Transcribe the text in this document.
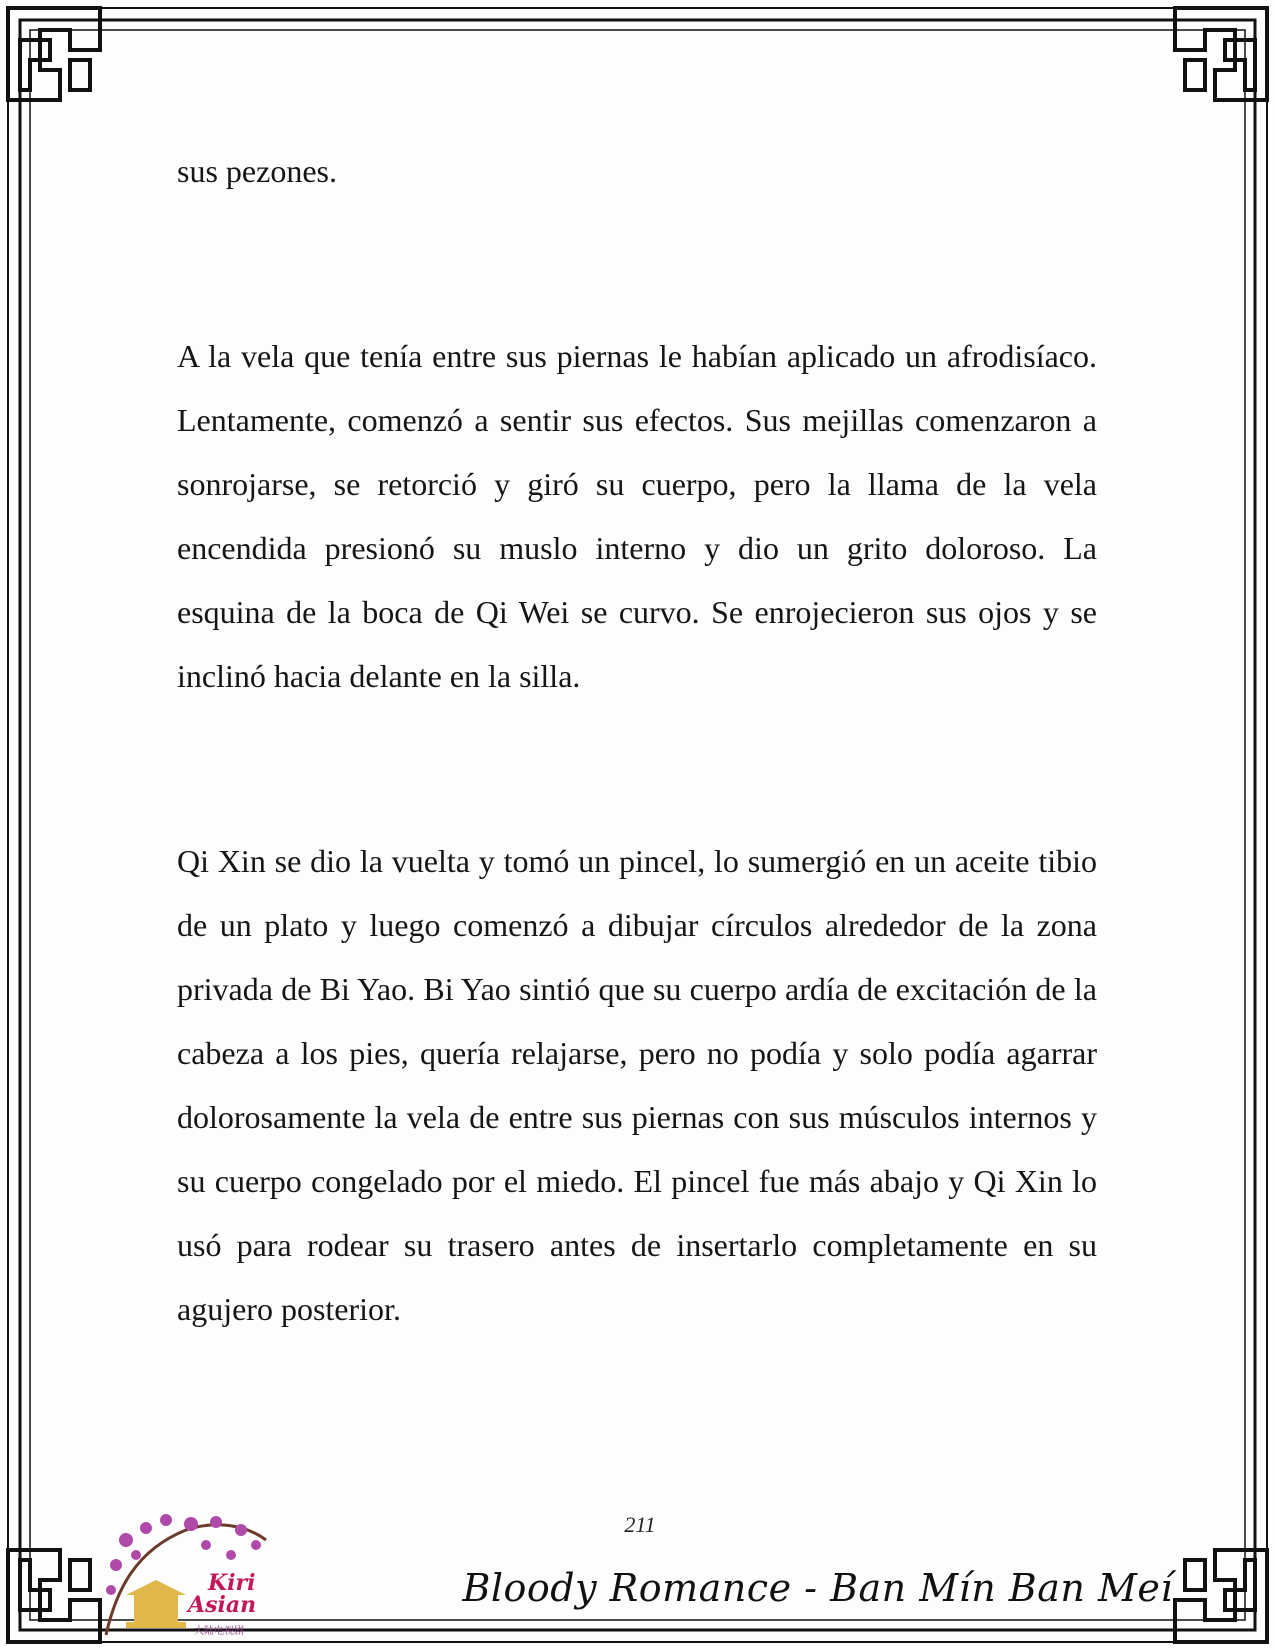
sus pezones.

A la vela que tenía entre sus piernas le habían aplicado un afrodisíaco. Lentamente, comenzó a sentir sus efectos. Sus mejillas comenzaron a sonrojarse, se retorció y giró su cuerpo, pero la llama de la vela encendida presionó su muslo interno y dio un grito doloroso. La esquina de la boca de Qi Wei se curvo. Se enrojecieron sus ojos y se inclinó hacia delante en la silla.

Qi Xin se dio la vuelta y tomó un pincel, lo sumergió en un aceite tibio de un plato y luego comenzó a dibujar círculos alrededor de la zona privada de Bi Yao. Bi Yao sintió que su cuerpo ardía de excitación de la cabeza a los pies, quería relajarse, pero no podía y solo podía agarrar dolorosamente la vela de entre sus piernas con sus músculos internos y su cuerpo congelado por el miedo. El pincel fue más abajo y Qi Xin lo usó para rodear su trasero antes de insertarlo completamente en su agujero posterior.

211
Kiri
Asian
大陆电视剧
Bloody Romance - Ban Mín Ban Meí
